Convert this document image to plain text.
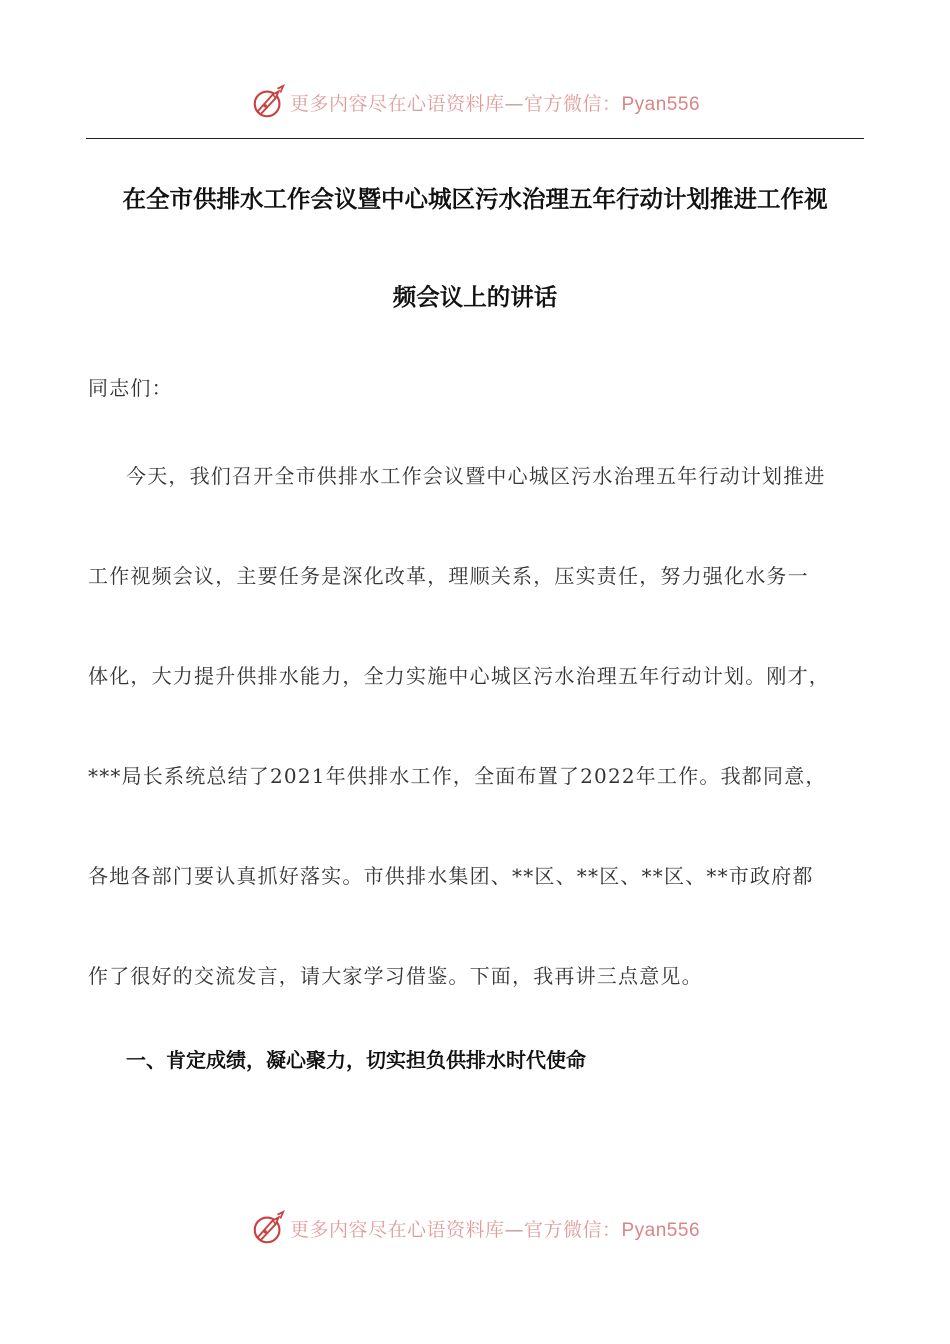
更多内容尽在心语资料库—官方微信：Pyan556
在全市供排水工作会议暨中心城区污水治理五年行动计划推进工作视
频会议上的讲话
同志们：
今天，我们召开全市供排水工作会议暨中心城区污水治理五年行动计划推进
工作视频会议，主要任务是深化改革，理顺关系，压实责任，努力强化水务一
体化，大力提升供排水能力，全力实施中心城区污水治理五年行动计划。刚才，
***局长系统总结了2021年供排水工作，全面布置了2022年工作。我都同意，
各地各部门要认真抓好落实。市供排水集团、**区、**区、**区、**市政府都
作了很好的交流发言，请大家学习借鉴。下面，我再讲三点意见。
一、肯定成绩，凝心聚力，切实担负供排水时代使命
更多内容尽在心语资料库—官方微信：Pyan556
